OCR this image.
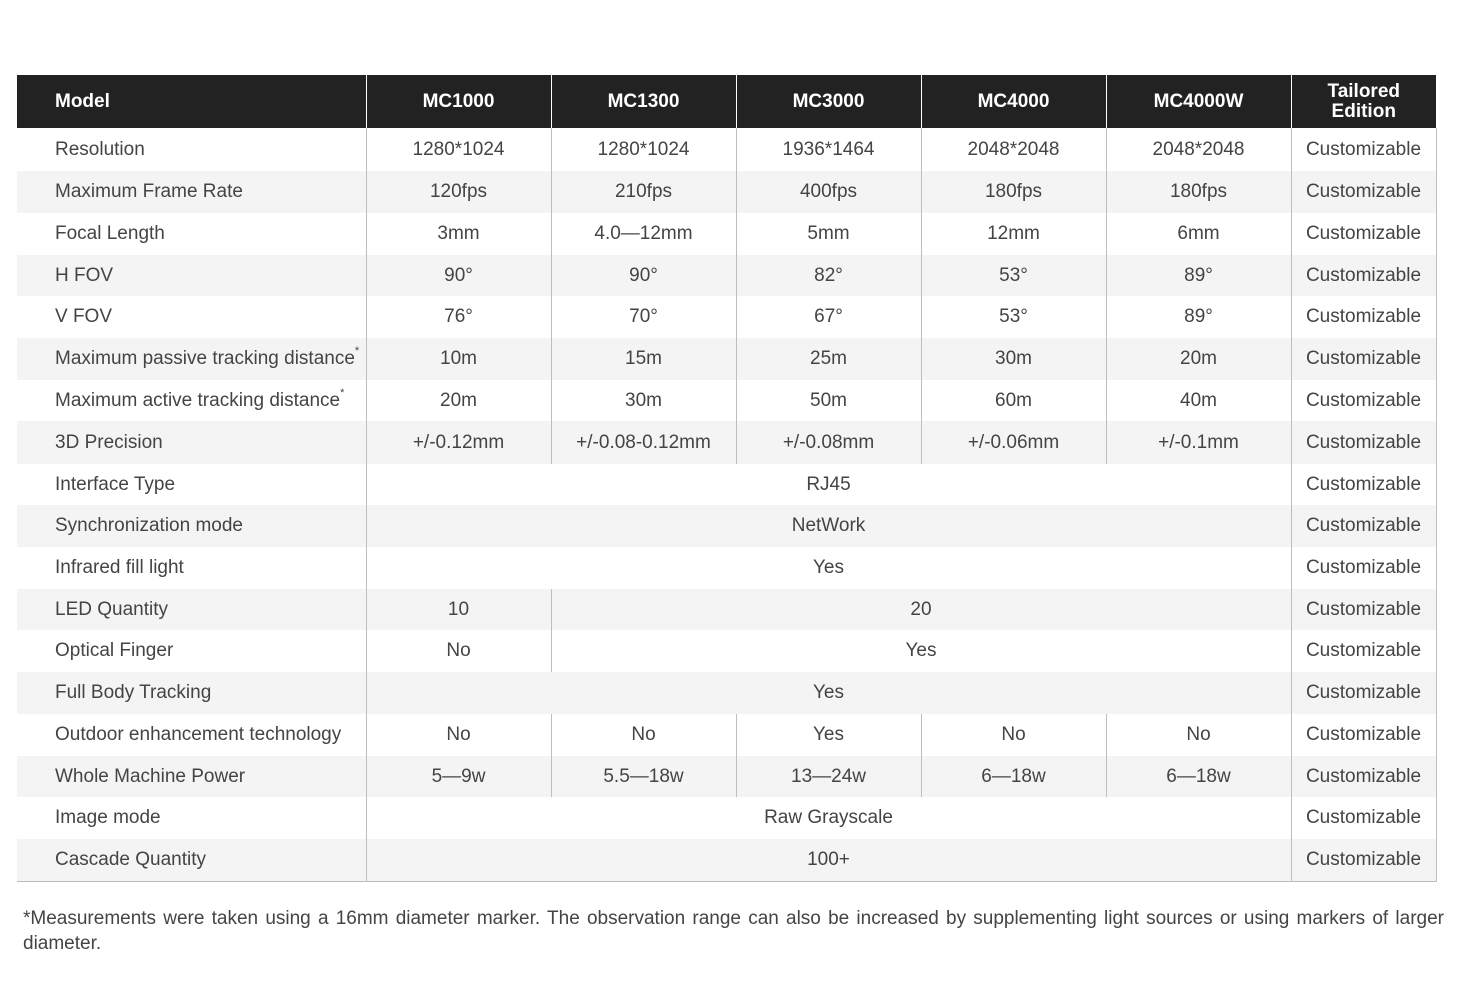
Model	MC1000	MC1300	MC3000	MC4000	MC4000W	Tailored
Edition
Resolution	1280*1024	1280*1024	1936*1464	2048*2048	2048*2048	Customizable
Maximum Frame Rate	120fps	210fps	400fps	180fps	180fps	Customizable
Focal Length	3mm	4.0—12mm	5mm	12mm	6mm	Customizable
H FOV	90°	90°	82°	53°	89°	Customizable
V FOV	76°	70°	67°	53°	89°	Customizable
Maximum passive tracking distance*	10m	15m	25m	30m	20m	Customizable
Maximum active tracking distance*	20m	30m	50m	60m	40m	Customizable
3D Precision	+/-0.12mm	+/-0.08-0.12mm	+/-0.08mm	+/-0.06mm	+/-0.1mm	Customizable
Interface Type	RJ45					Customizable
Synchronization mode	NetWork					Customizable
Infrared fill light	Yes					Customizable
LED Quantity	10	20				Customizable
Optical Finger	No	Yes				Customizable
Full Body Tracking	Yes					Customizable
Outdoor enhancement technology	No	No	Yes	No	No	Customizable
Whole Machine Power	5—9w	5.5—18w	13—24w	6—18w	6—18w	Customizable
Image mode	Raw Grayscale					Customizable
Cascade Quantity	100+					Customizable
*Measurements were taken using a 16mm diameter marker. The observation range can also be increased by supplementing light sources or using markers of larger diameter.
